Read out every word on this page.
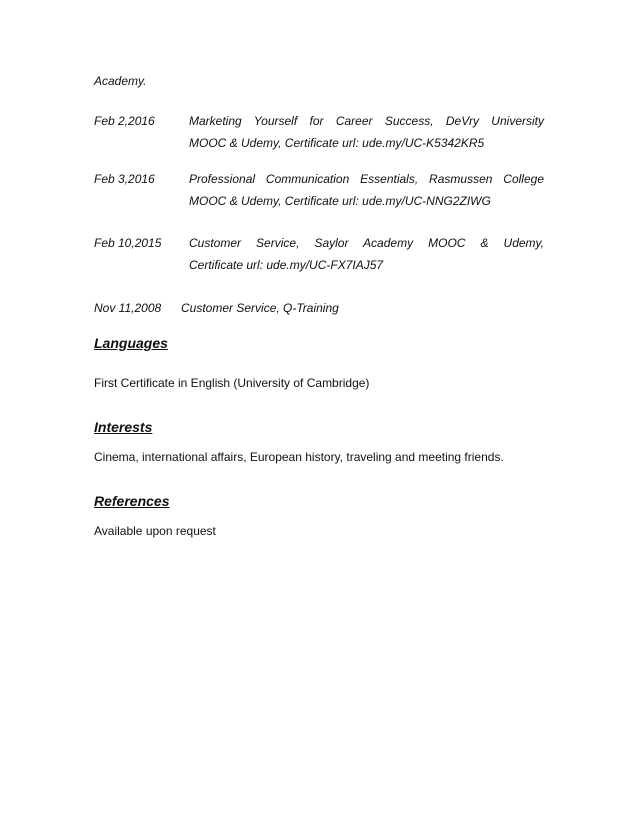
Academy.
Feb 2,2016	Marketing Yourself for Career Success, DeVry University
MOOC & Udemy, Certificate url: ude.my/UC-K5342KR5
Feb 3,2016	Professional Communication Essentials, Rasmussen College
MOOC & Udemy, Certificate url: ude.my/UC-NNG2ZIWG
Feb 10,2015 Customer Service, Saylor Academy MOOC & Udemy,
Certificate url: ude.my/UC-FX7IAJ57
Nov 11,2008 Customer Service, Q-Training
Languages
First Certificate in English (University of Cambridge)
Interests
Cinema, international affairs, European history, traveling and meeting friends.
References
Available upon request
